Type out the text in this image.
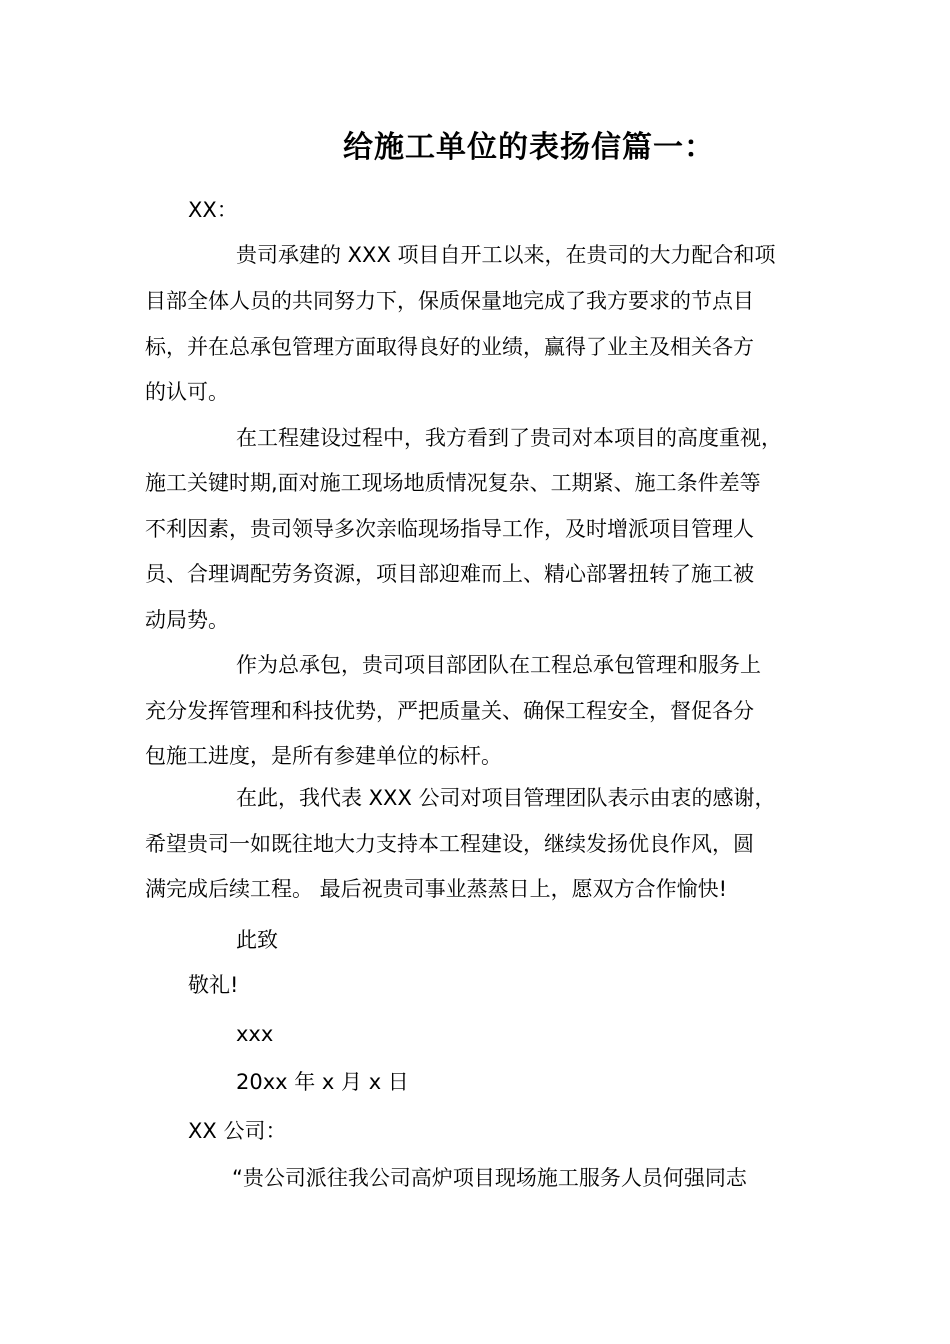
给施工单位的表扬信篇一：
XX：
贵司承建的 XXX 项目自开工以来，在贵司的大力配合和项
目部全体人员的共同努力下，保质保量地完成了我方要求的节点目
标，并在总承包管理方面取得良好的业绩，赢得了业主及相关各方
的认可。
在工程建设过程中，我方看到了贵司对本项目的高度重视，
施工关键时期,面对施工现场地质情况复杂、工期紧、施工条件差等
不利因素，贵司领导多次亲临现场指导工作，及时增派项目管理人
员、合理调配劳务资源，项目部迎难而上、精心部署扭转了施工被
动局势。
作为总承包，贵司项目部团队在工程总承包管理和服务上
充分发挥管理和科技优势，严把质量关、确保工程安全，督促各分
包施工进度，是所有参建单位的标杆。
在此，我代表 XXX 公司对项目管理团队表示由衷的感谢，
希望贵司一如既往地大力支持本工程建设，继续发扬优良作风，圆
满完成后续工程。 最后祝贵司事业蒸蒸日上，愿双方合作愉快!
此致
敬礼!
xxx
20xx 年 x 月 x 日
XX 公司：
“贵公司派往我公司高炉项目现场施工服务人员何强同志
